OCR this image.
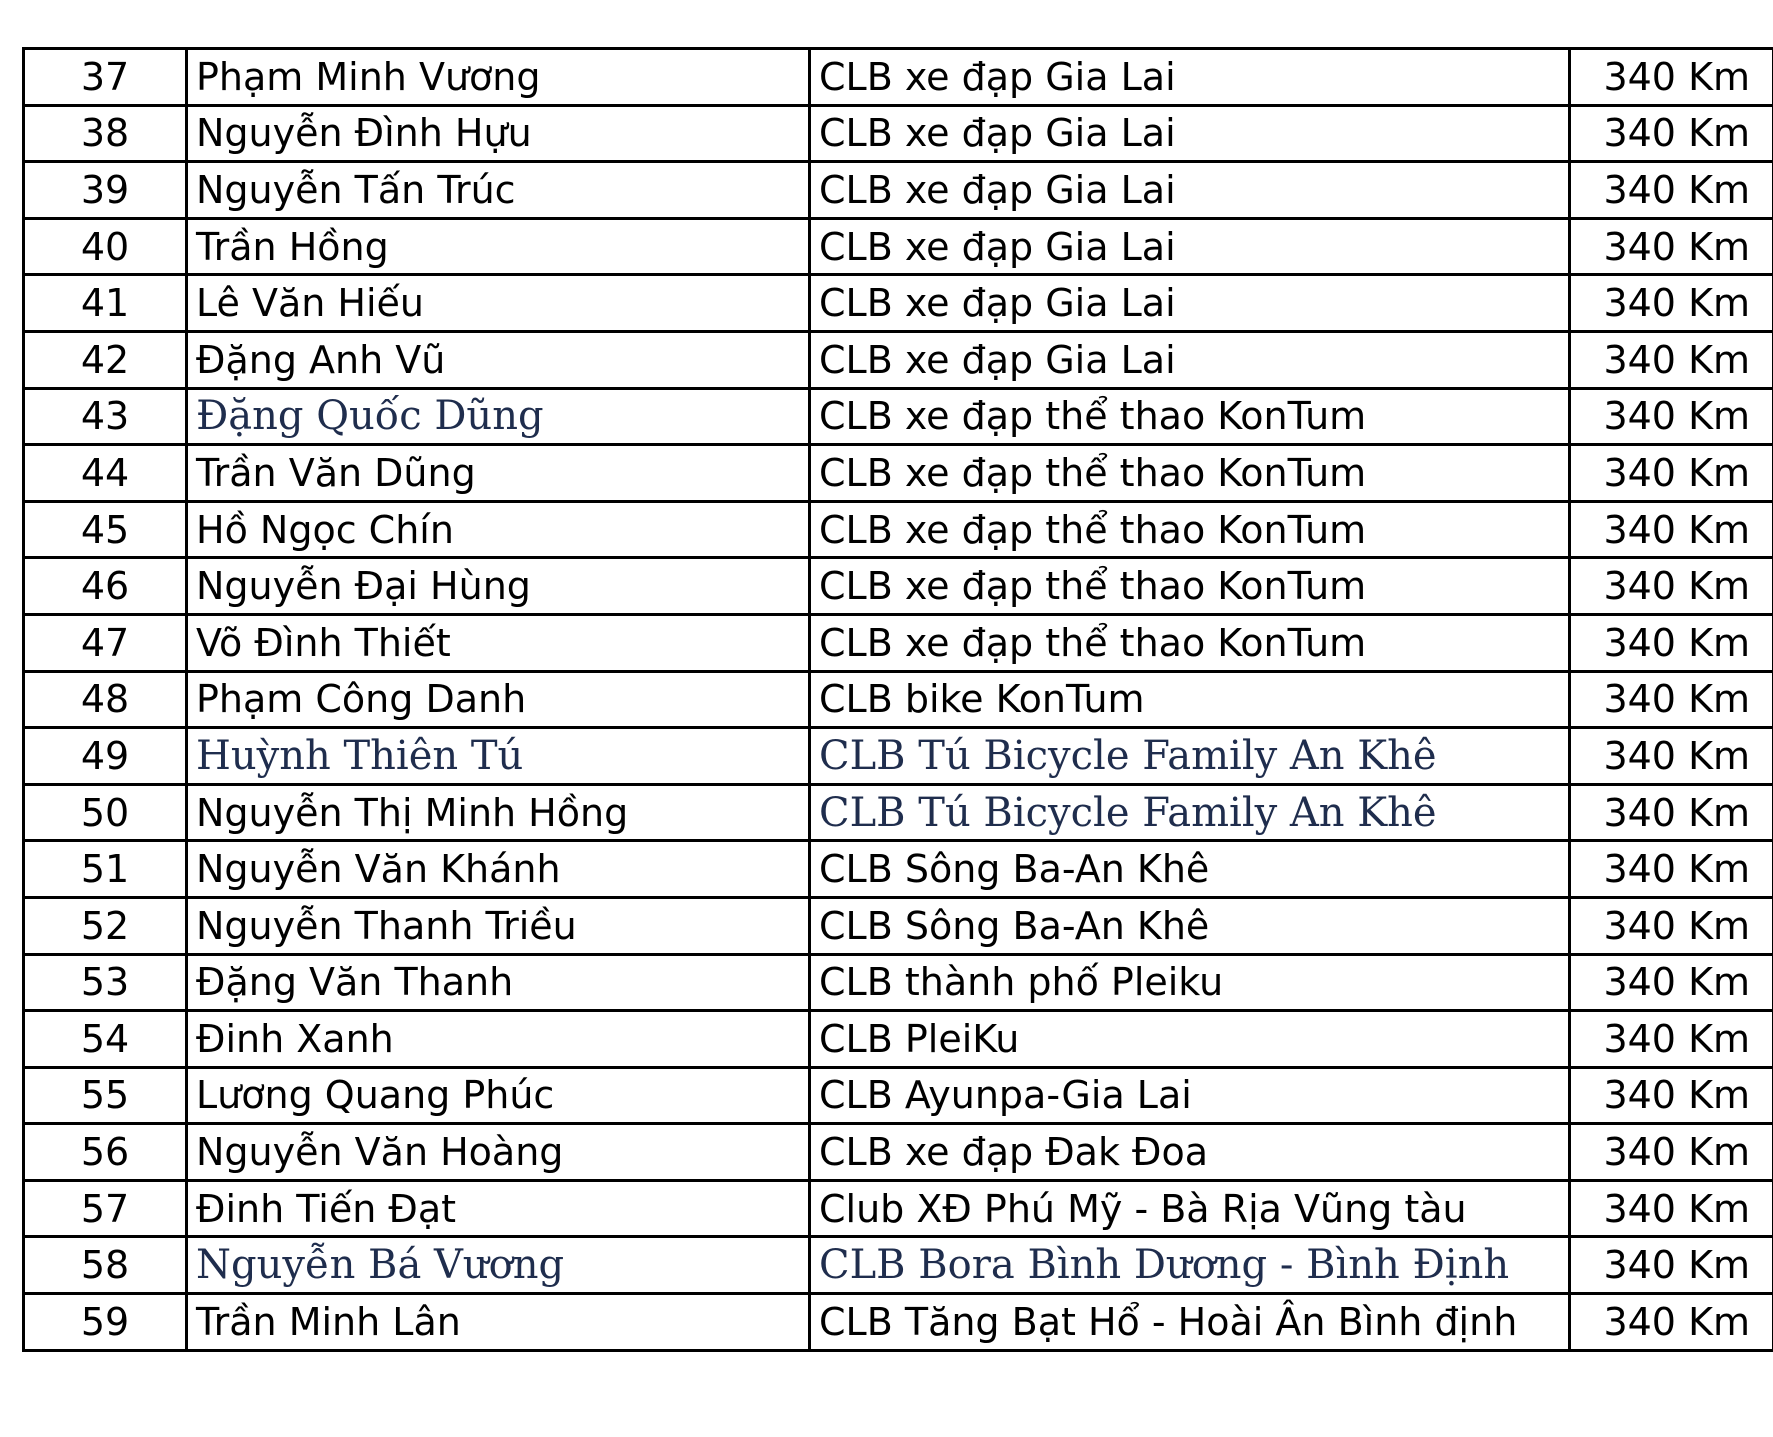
37	Phạm Minh Vương	CLB xe đạp Gia Lai	340 Km
38	Nguyễn Đình Hựu	CLB xe đạp Gia Lai	340 Km
39	Nguyễn Tấn Trúc	CLB xe đạp Gia Lai	340 Km
40	Trần Hồng	CLB xe đạp Gia Lai	340 Km
41	Lê Văn Hiếu	CLB xe đạp Gia Lai	340 Km
42	Đặng Anh Vũ	CLB xe đạp Gia Lai	340 Km
43	Đặng Quốc Dũng	CLB xe đạp thể thao KonTum	340 Km
44	Trần Văn Dũng	CLB xe đạp thể thao KonTum	340 Km
45	Hồ Ngọc Chín	CLB xe đạp thể thao KonTum	340 Km
46	Nguyễn Đại Hùng	CLB xe đạp thể thao KonTum	340 Km
47	Võ Đình Thiết	CLB xe đạp thể thao KonTum	340 Km
48	Phạm Công Danh	CLB bike KonTum	340 Km
49	Huỳnh Thiên Tú	CLB Tú Bicycle Family An Khê	340 Km
50	Nguyễn Thị Minh Hồng	CLB Tú Bicycle Family An Khê	340 Km
51	Nguyễn Văn Khánh	CLB Sông Ba-An Khê	340 Km
52	Nguyễn Thanh Triều	CLB Sông Ba-An Khê	340 Km
53	Đặng Văn Thanh	CLB thành phố Pleiku	340 Km
54	Đinh Xanh	CLB PleiKu	340 Km
55	Lương Quang Phúc	CLB Ayunpa-Gia Lai	340 Km
56	Nguyễn Văn Hoàng	CLB xe đạp Đak Đoa	340 Km
57	Đinh Tiến Đạt	Club XĐ Phú Mỹ - Bà Rịa Vũng tàu	340 Km
58	Nguyễn Bá Vương	CLB Bora Bình Dương - Bình Định	340 Km
59	Trần Minh Lân	CLB Tăng Bạt Hổ - Hoài Ân Bình định	340 Km
